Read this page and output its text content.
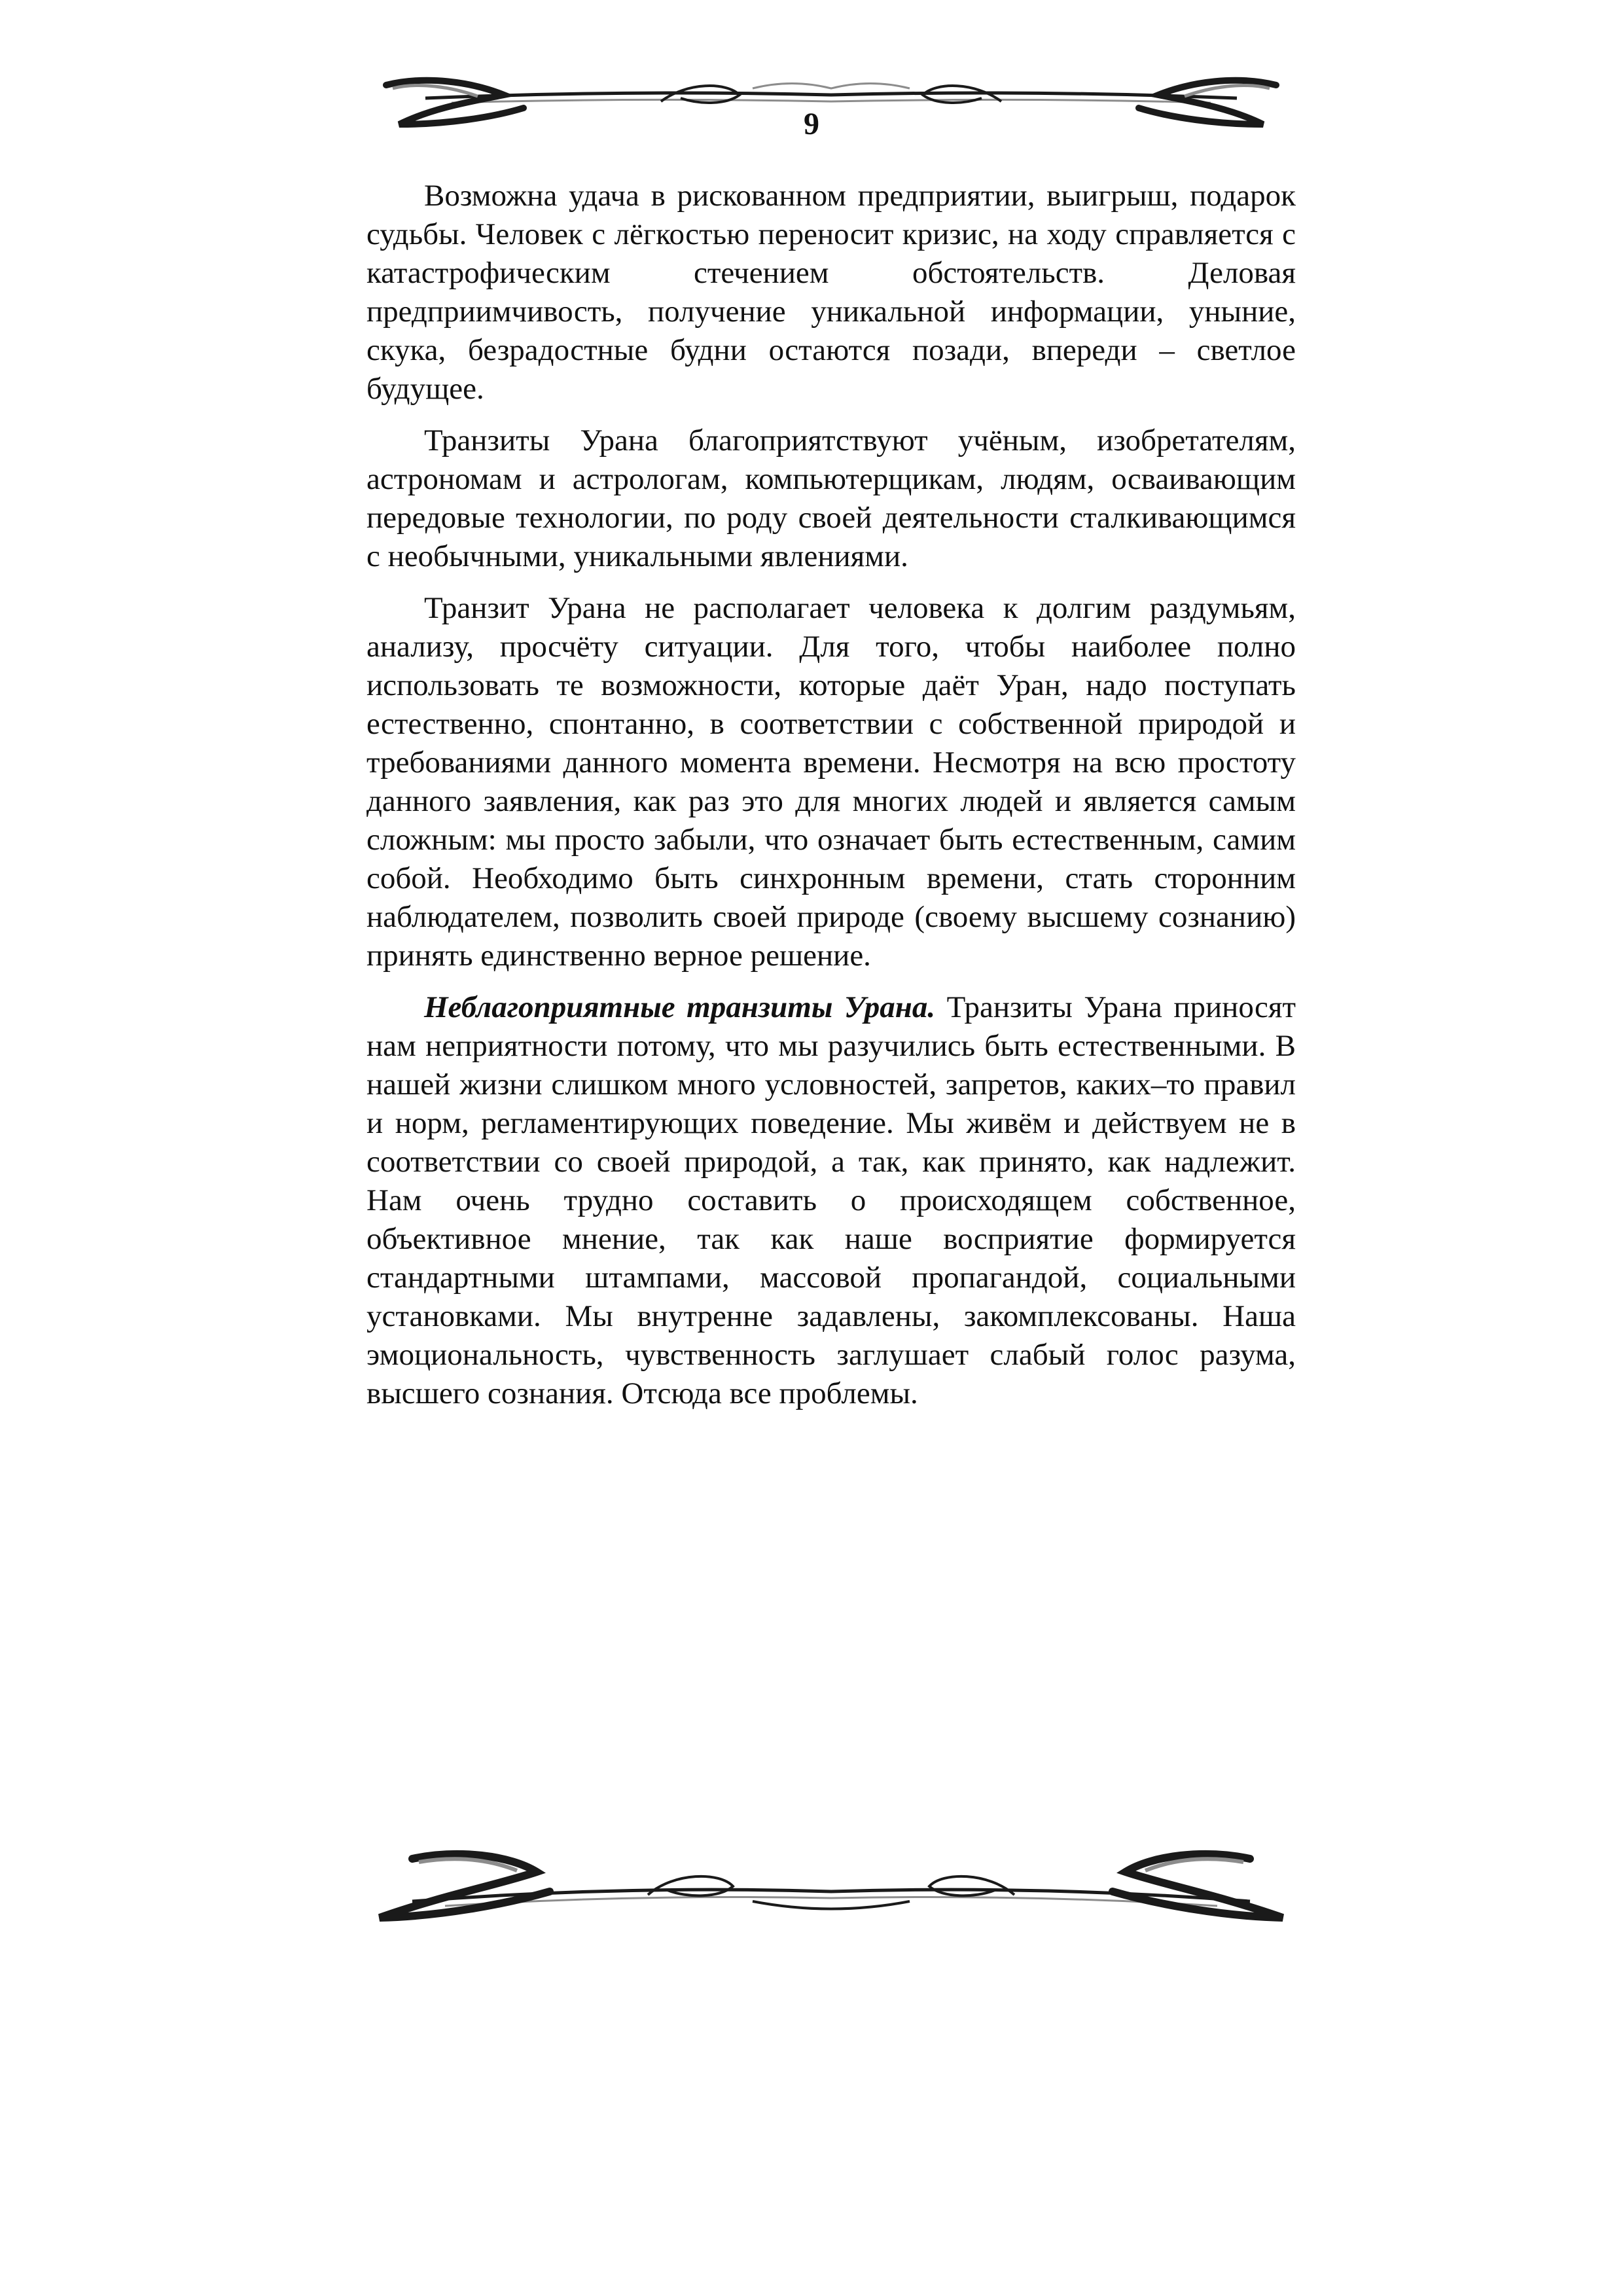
9

Возможна удача в рискованном предприятии, выигрыш, подарок судьбы. Человек с лёгкостью переносит кризис, на ходу справляется с катастрофическим стечением обстоятельств. Деловая предприимчивость, получение уникальной информации, уныние, скука, безрадостные будни остаются позади, впереди – светлое будущее.

Транзиты Урана благоприятствуют учёным, изобретателям, астрономам и астрологам, компьютерщикам, людям, осваивающим передовые технологии, по роду своей деятельности сталкивающимся с необычными, уникальными явлениями.

Транзит Урана не располагает человека к долгим раздумьям, анализу, просчёту ситуации. Для того, чтобы наиболее полно использовать те возможности, которые даёт Уран, надо поступать естественно, спонтанно, в соответствии с собственной природой и требованиями данного момента времени. Несмотря на всю простоту данного заявления, как раз это для многих людей и является самым сложным: мы просто забыли, что означает быть естественным, самим собой. Необходимо быть синхронным времени, стать сторонним наблюдателем, позволить своей природе (своему высшему сознанию) принять единственно верное решение.

Неблагоприятные транзиты Урана. Транзиты Урана приносят нам неприятности потому, что мы разучились быть естественными. В нашей жизни слишком много условностей, запретов, каких–то правил и норм, регламентирующих поведение. Мы живём и действуем не в соответствии со своей природой, а так, как принято, как надлежит. Нам очень трудно составить о происходящем собственное, объективное мнение, так как наше восприятие формируется стандартными штампами, массовой пропагандой, социальными установками. Мы внутренне задавлены, закомплексованы. Наша эмоциональность, чувственность заглушает слабый голос разума, высшего сознания. Отсюда все проблемы.
